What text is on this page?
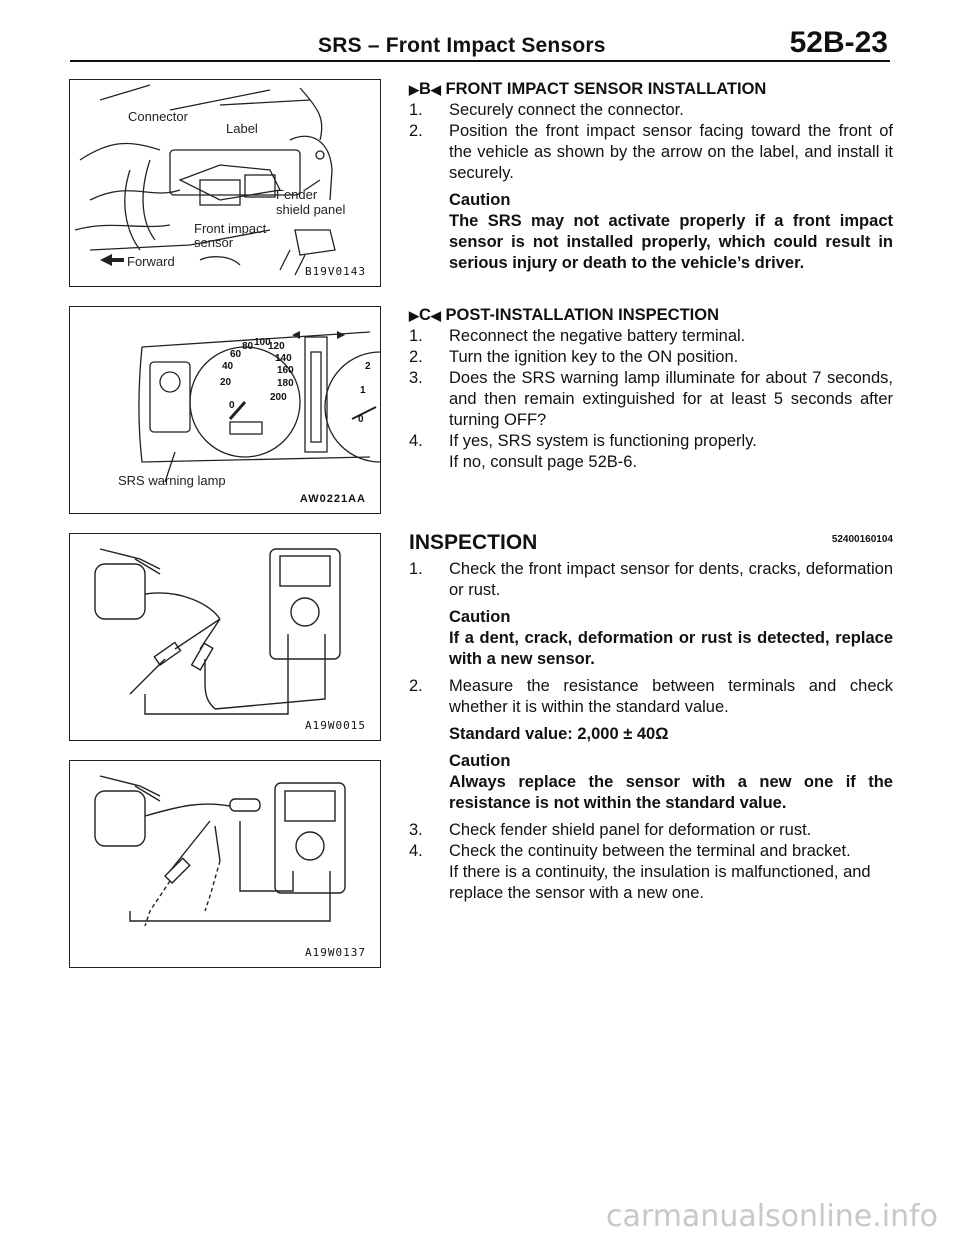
SRS – Front Impact Sensors	52B-23
Connector
Label
Fender
shield panel
Front impact
sensor
Forward
B19V0143
20
40
60
80 100
120
140
160
180
200
0
2
1
0
SRS warning lamp
AW0221AA
A19W0015
A19W0137
▶B◀ FRONT IMPACT SENSOR INSTALLATION
1. Securely connect the connector.
2. Position the front impact sensor facing toward the front of the vehicle as shown by the arrow on the label, and install it securely.
Caution
The SRS may not activate properly if a front impact sensor is not installed properly, which could result in serious injury or death to the vehicle’s driver.
▶C◀ POST-INSTALLATION INSPECTION
1. Reconnect the negative battery terminal.
2. Turn the ignition key to the ON position.
3. Does the SRS warning lamp illuminate for about 7 seconds, and then remain extinguished for at least 5 seconds after turning OFF?
4. If yes, SRS system is functioning properly.
If no, consult page 52B-6.
INSPECTION	52400160104
1. Check the front impact sensor for dents, cracks, deformation or rust.
Caution
If a dent, crack, deformation or rust is detected, replace with a new sensor.
2. Measure the resistance between terminals and check whether it is within the standard value.
Standard value: 2,000 ± 40Ω
Caution
Always replace the sensor with a new one if the resistance is not within the standard value.
3. Check fender shield panel for deformation or rust.
4. Check the continuity between the terminal and bracket.
If there is a continuity, the insulation is malfunctioned, and replace the sensor with a new one.
carmanualsonline.info
